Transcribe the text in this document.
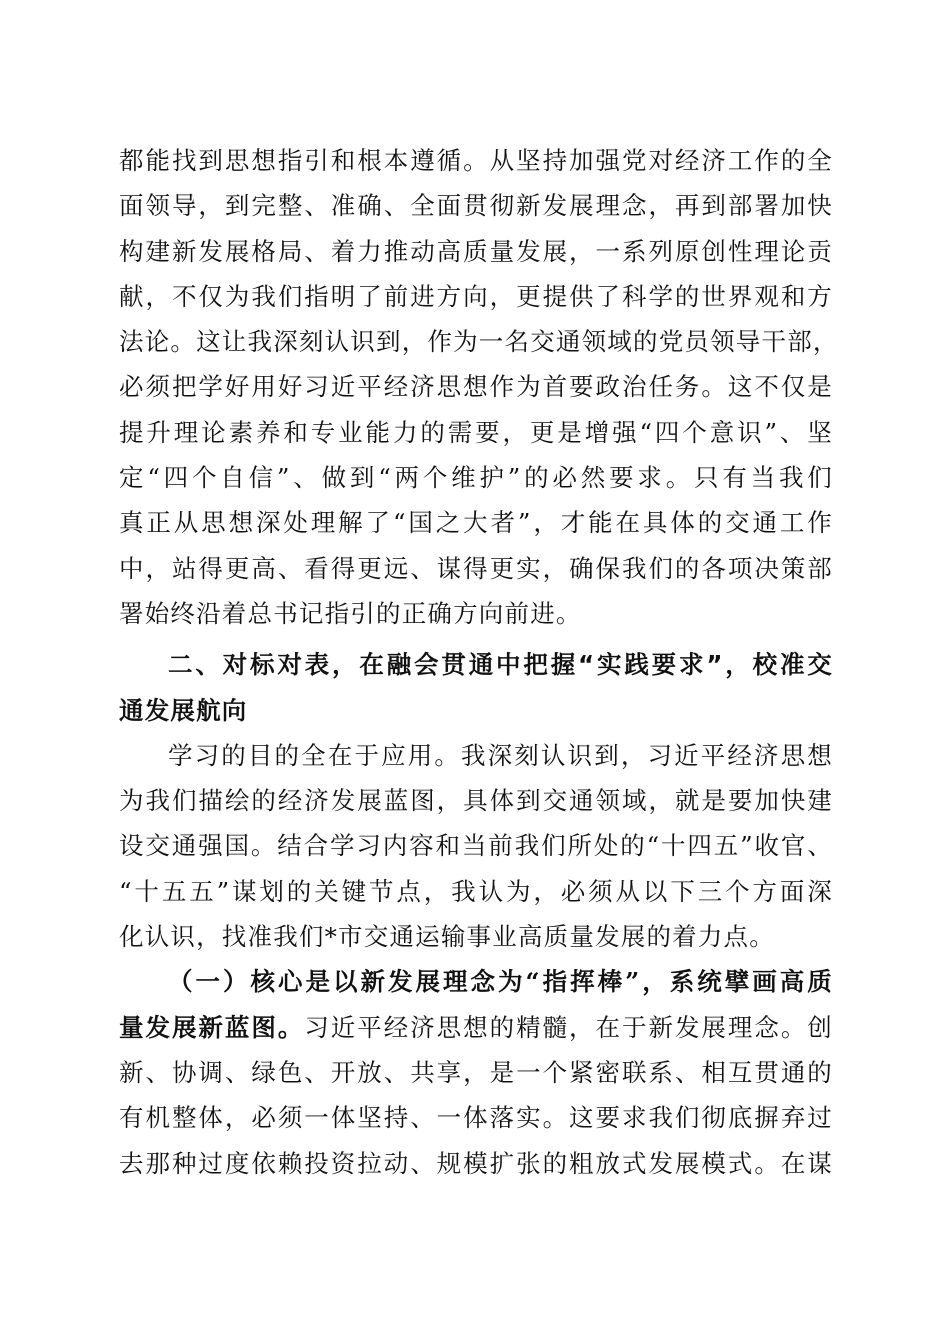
都能找到思想指引和根本遵循。从坚持加强党对经济工作的全
面领导，到完整、准确、全面贯彻新发展理念，再到部署加快
构建新发展格局、着力推动高质量发展，一系列原创性理论贡
献，不仅为我们指明了前进方向，更提供了科学的世界观和方
法论。这让我深刻认识到，作为一名交通领域的党员领导干部，
必须把学好用好习近平经济思想作为首要政治任务。这不仅是
提升理论素养和专业能力的需要，更是增强“四个意识”、坚
定“四个自信”、做到“两个维护”的必然要求。只有当我们
真正从思想深处理解了“国之大者”，才能在具体的交通工作
中，站得更高、看得更远、谋得更实，确保我们的各项决策部
署始终沿着总书记指引的正确方向前进。
二、对标对表，在融会贯通中把握“实践要求”，校准交
通发展航向
学习的目的全在于应用。我深刻认识到，习近平经济思想
为我们描绘的经济发展蓝图，具体到交通领域，就是要加快建
设交通强国。结合学习内容和当前我们所处的“十四五”收官、
“十五五”谋划的关键节点，我认为，必须从以下三个方面深
化认识，找准我们*市交通运输事业高质量发展的着力点。
（一）核心是以新发展理念为“指挥棒”，系统擘画高质
量发展新蓝图。习近平经济思想的精髓，在于新发展理念。创
新、协调、绿色、开放、共享，是一个紧密联系、相互贯通的
有机整体，必须一体坚持、一体落实。这要求我们彻底摒弃过
去那种过度依赖投资拉动、规模扩张的粗放式发展模式。在谋
